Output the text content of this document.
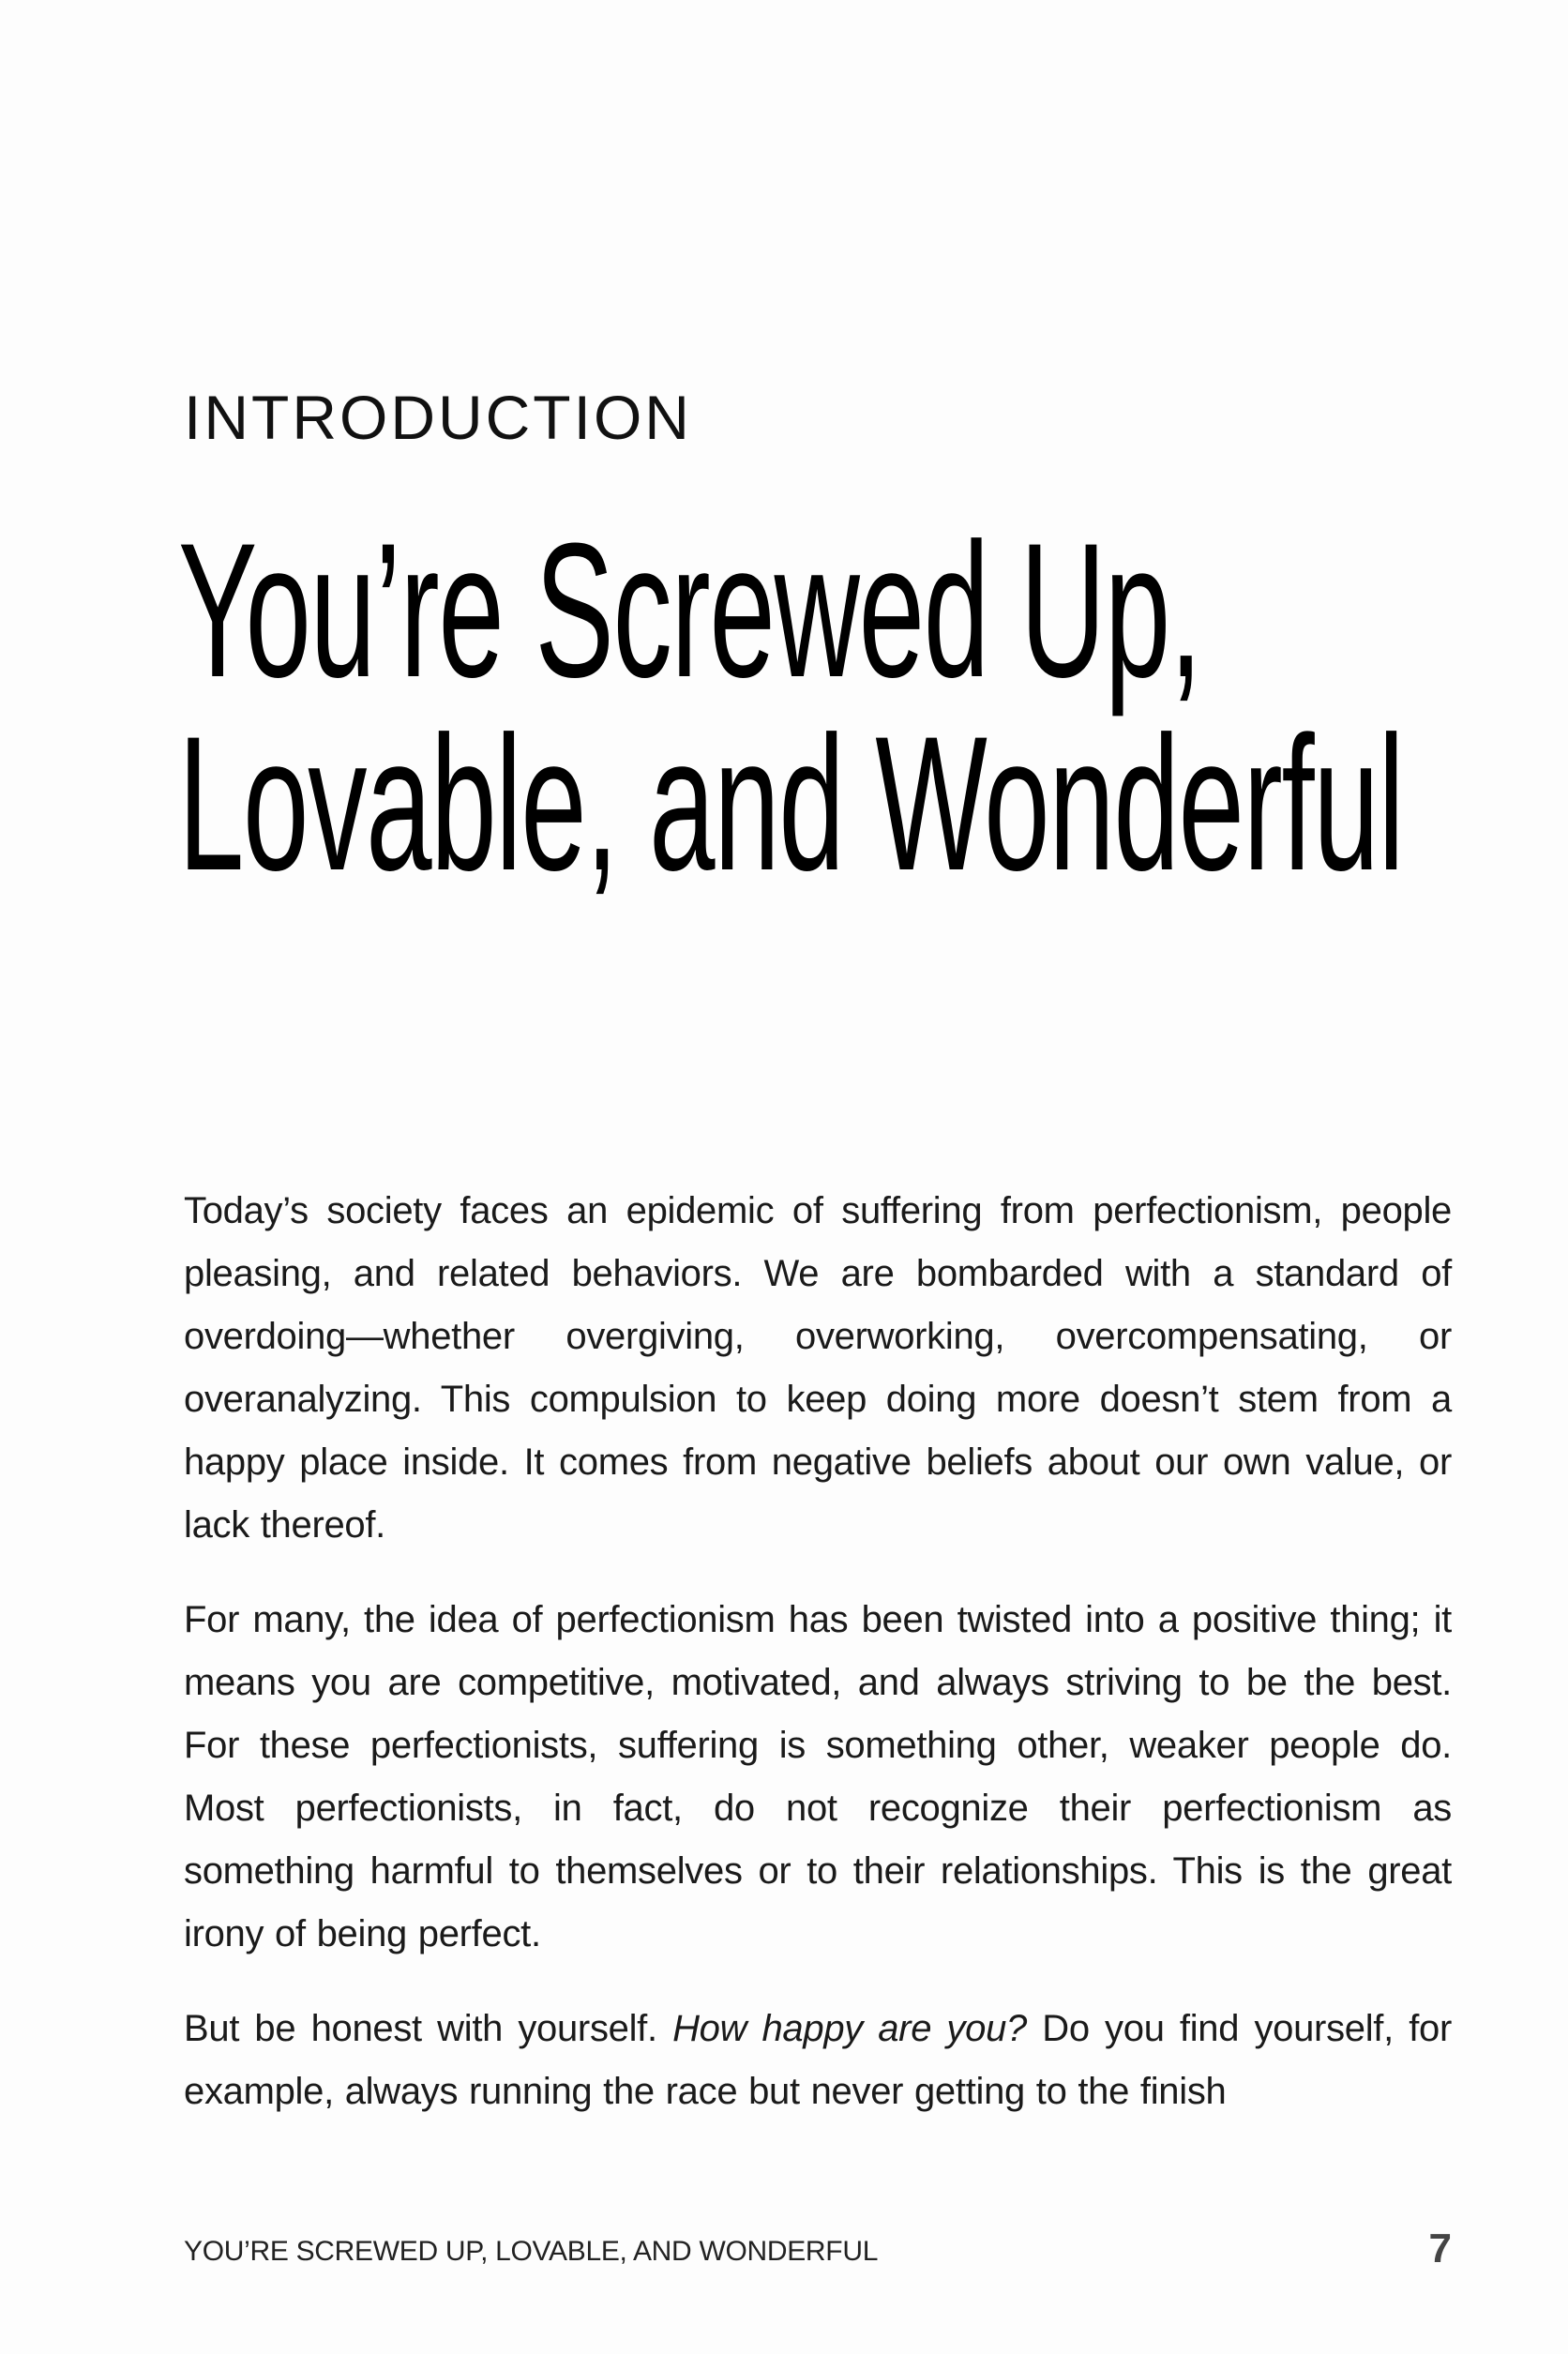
INTRODUCTION
You’re Screwed Up,
Lovable, and Wonderful

Today’s society faces an epidemic of suffering from perfectionism, people pleasing, and related behaviors. We are bombarded with a standard of overdoing—whether overgiving, overworking, overcompensating, or overanalyzing. This compulsion to keep doing more doesn’t stem from a happy place inside. It comes from negative beliefs about our own value, or lack thereof.

For many, the idea of perfectionism has been twisted into a positive thing; it means you are competitive, motivated, and always striving to be the best. For these perfectionists, suffering is something other, weaker people do. Most perfectionists, in fact, do not recognize their perfectionism as something harmful to themselves or to their relationships. This is the great irony of being perfect.

But be honest with yourself. How happy are you? Do you find yourself, for example, always running the race but never getting to the finish

YOU’RE SCREWED UP, LOVABLE, AND WONDERFUL	7
